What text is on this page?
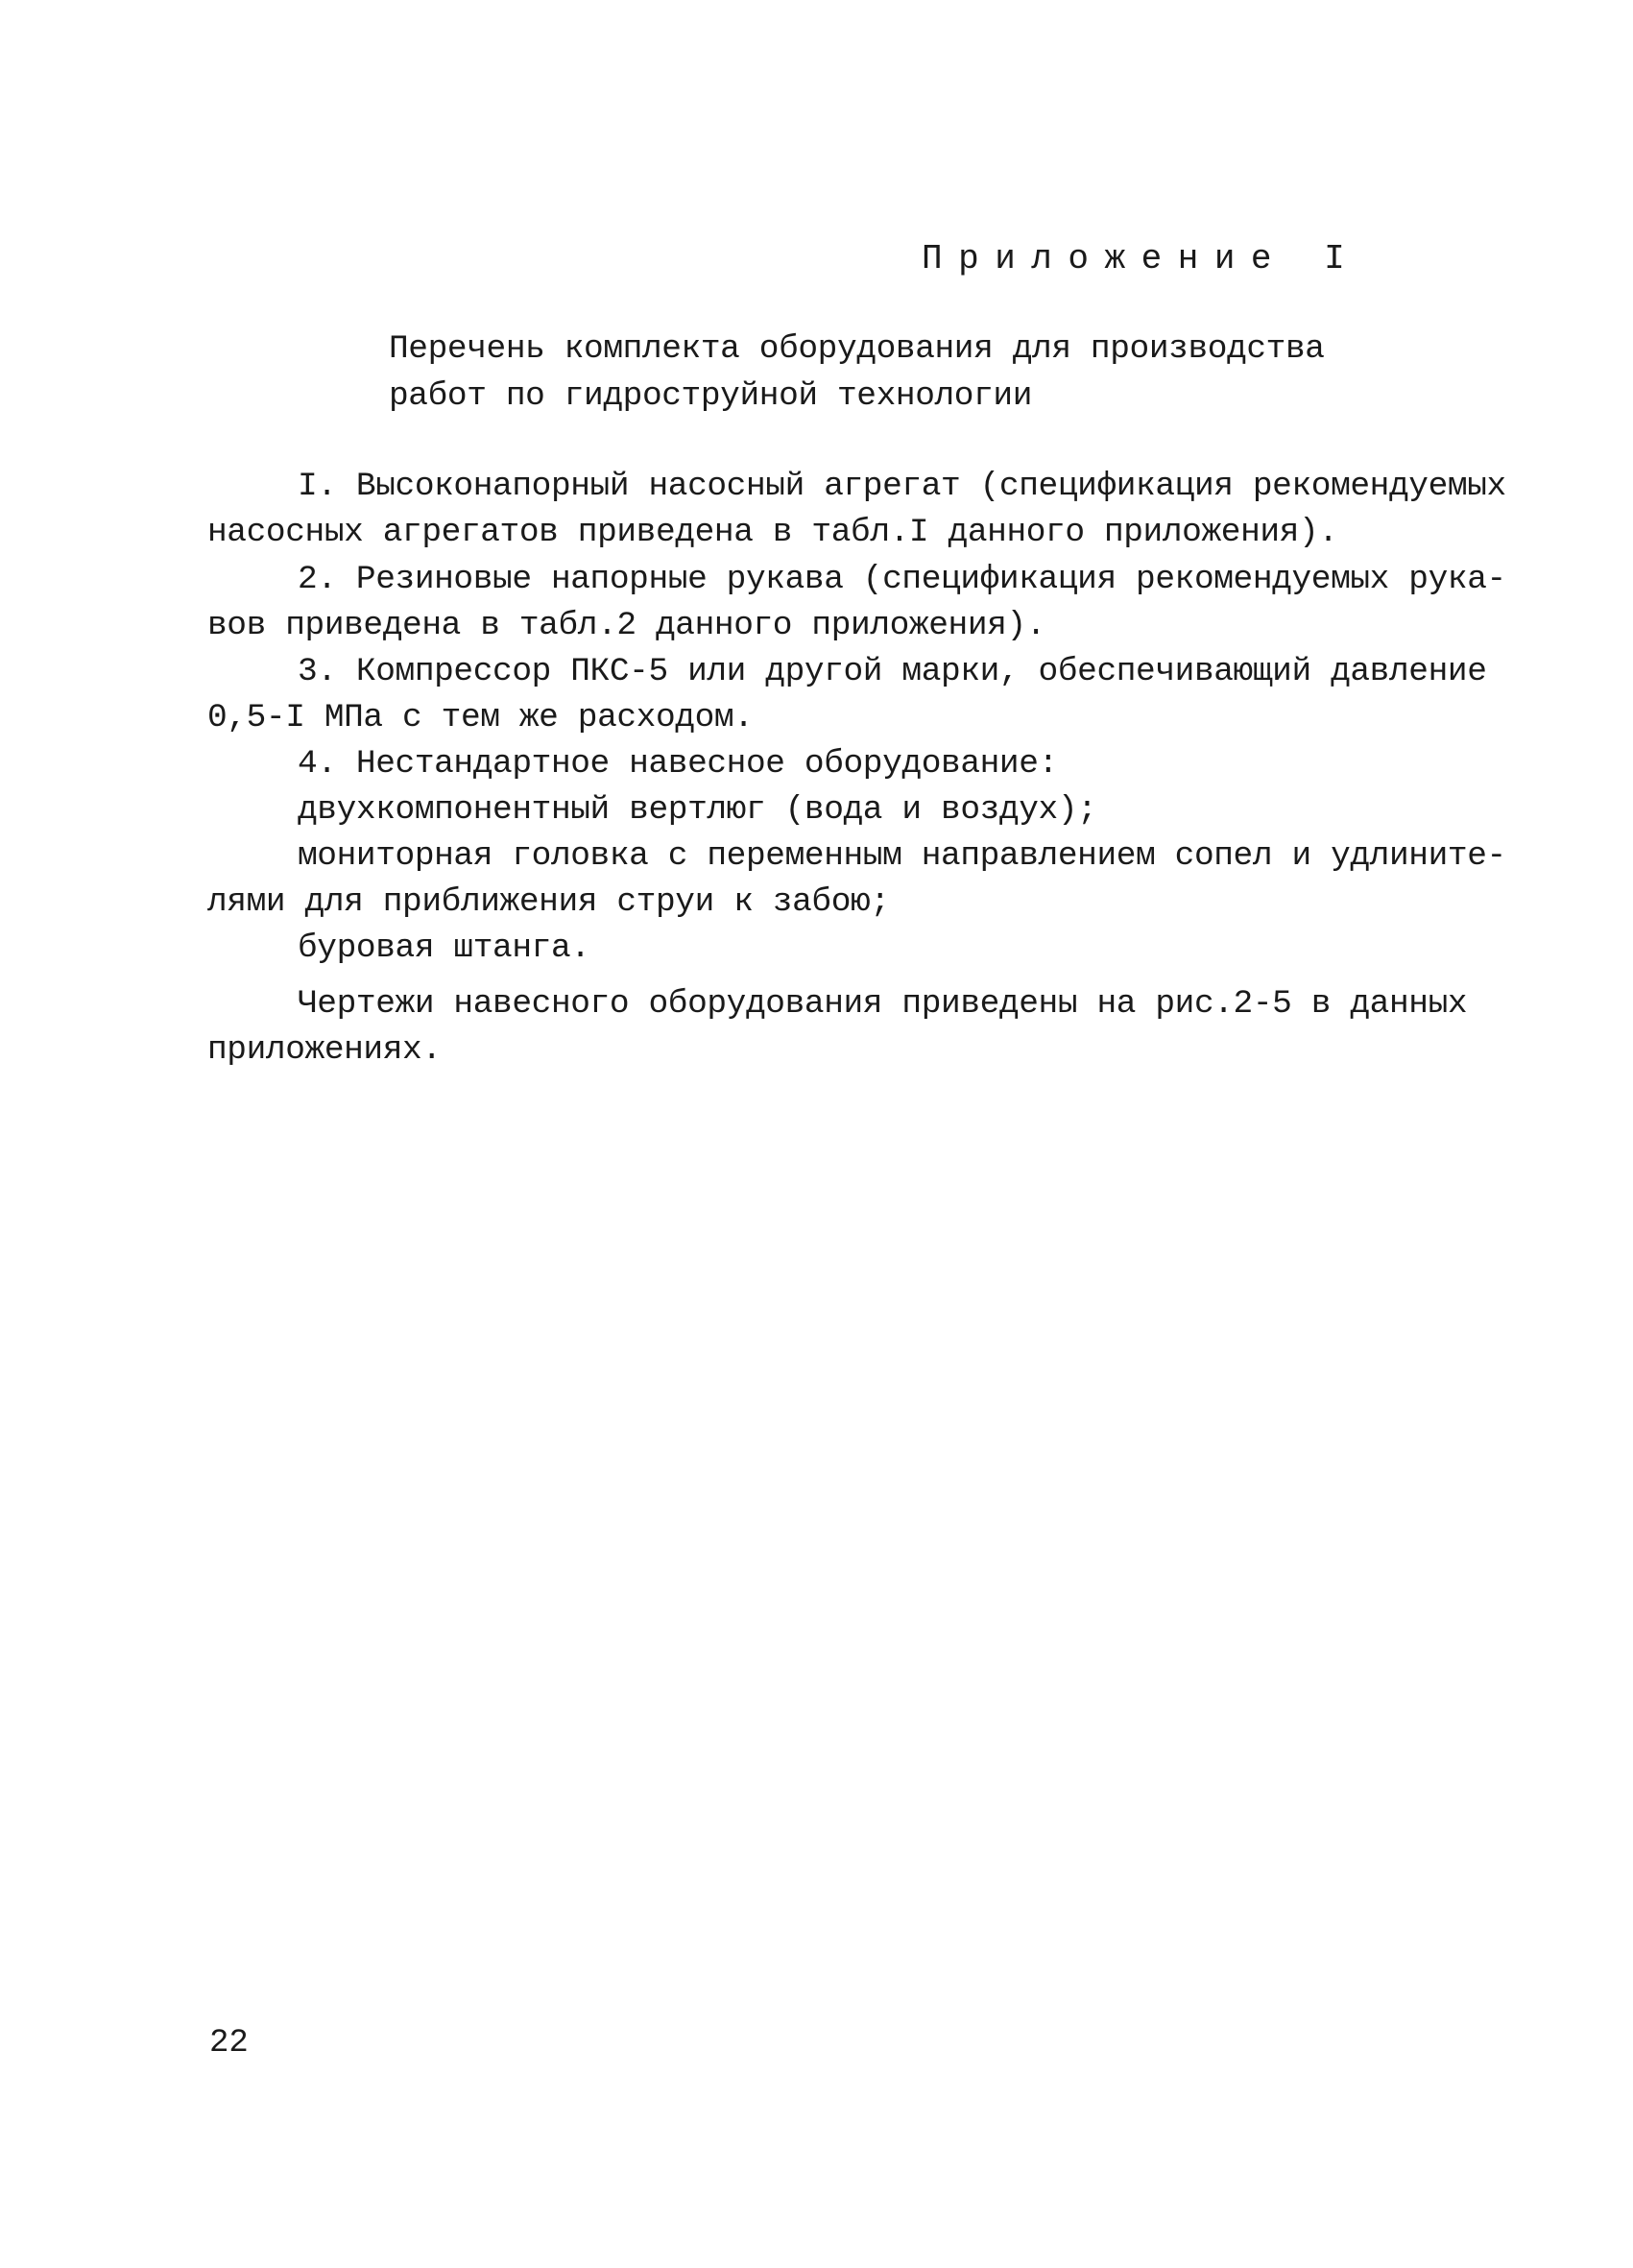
Приложение I
Перечень комплекта оборудования для производства
работ по гидроструйной технологии
I. Высоконапорный насосный агрегат (спецификация рекомендуемых
насосных агрегатов приведена в табл.I данного приложения).
2. Резиновые напорные рукава (спецификация рекомендуемых рука-
вов приведена в табл.2 данного приложения).
3. Компрессор ПКС-5 или другой марки, обеспечивающий давление
0,5-I МПа с тем же расходом.
4. Нестандартное навесное оборудование:
двухкомпонентный вертлюг (вода и воздух);
мониторная головка с переменным направлением сопел и удлините-
лями для приближения струи к забою;
буровая штанга.
Чертежи навесного оборудования приведены на рис.2-5 в данных
приложениях.
22
